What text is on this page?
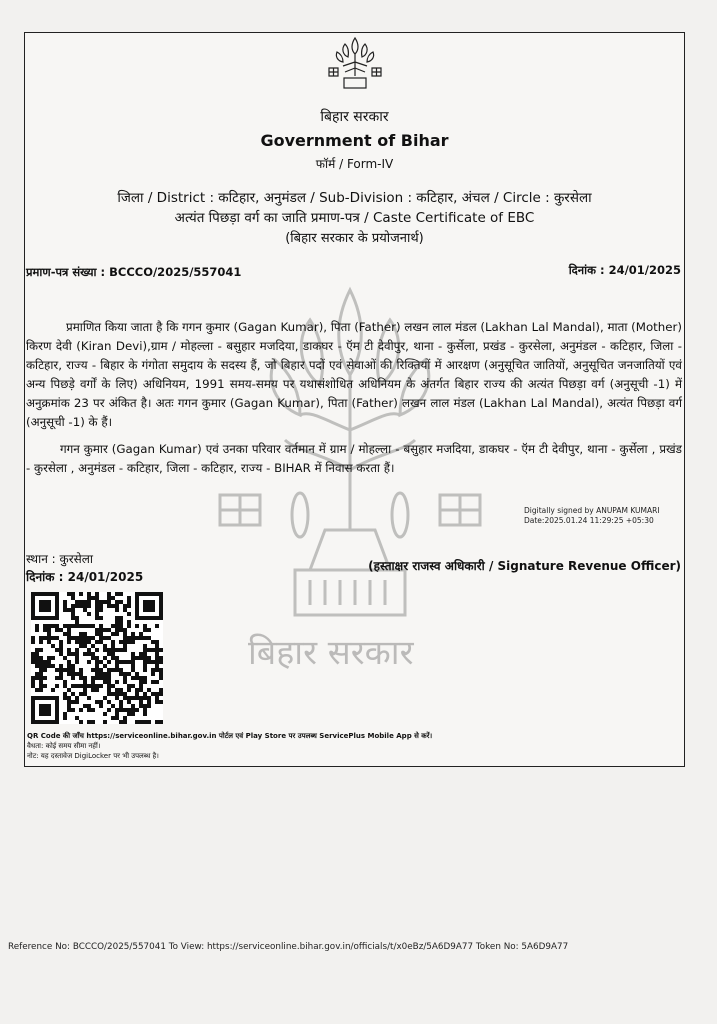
बिहार सरकार
बिहार सरकार
Government of Bihar
फॉर्म / Form-IV
जिला / District : कटिहार, अनुमंडल / Sub-Division : कटिहार, अंचल / Circle : कुरसेला
अत्यंत पिछड़ा वर्ग का जाति प्रमाण-पत्र / Caste Certificate of EBC
(बिहार सरकार के प्रयोजनार्थ)
प्रमाण-पत्र संख्या : BCCCO/2025/557041	दिनांक : 24/01/2025
प्रमाणित किया जाता है कि गगन कुमार (Gagan Kumar), पिता (Father) लखन लाल मंडल (Lakhan Lal Mandal), माता (Mother) किरण देवी (Kiran Devi),ग्राम / मोहल्ला - बसुहार मजदिया, डाकघर - ऍम टी देवीपुर, थाना - कुर्सेला, प्रखंड - कुरसेला, अनुमंडल - कटिहार, जिला - कटिहार, राज्य - बिहार के गंगोता समुदाय के सदस्य हैं, जो बिहार पदों एवं सेवाओं की रिक्तियों में आरक्षण (अनुसूचित जातियों, अनुसूचित जनजातियों एवं अन्य पिछड़े वर्गों के लिए) अधिनियम, 1991 समय-समय पर यथासंशोधित अधिनियम के अंतर्गत बिहार राज्य की अत्यंत पिछड़ा वर्ग (अनुसूची -1) में अनुक्रमांक 23 पर अंकित है। अतः गगन कुमार (Gagan Kumar), पिता (Father) लखन लाल मंडल (Lakhan Lal Mandal), अत्यंत पिछड़ा वर्ग (अनुसूची -1) के हैं।
गगन कुमार (Gagan Kumar) एवं उनका परिवार वर्तमान में ग्राम / मोहल्ला - बसुहार मजदिया, डाकघर - ऍम टी देवीपुर, थाना - कुर्सेला , प्रखंड - कुरसेला , अनुमंडल - कटिहार, जिला - कटिहार, राज्य - BIHAR में निवास करता हैं।
Digitally signed by ANUPAM KUMARI
Date:2025.01.24 11:29:25 +05:30
स्थान : कुरसेला
दिनांक : 24/01/2025
(हस्ताक्षर राजस्व अधिकारी / Signature Revenue Officer)
QR Code की जाँच https://serviceonline.bihar.gov.in पोर्टल एवं Play Store पर उपलब्ध ServicePlus Mobile App से करें।
वैधता: कोई समय सीमा नहीं।
नोट: यह दस्तावेज DigiLocker पर भी उपलब्ध है।
Reference No: BCCCO/2025/557041 To View: https://serviceonline.bihar.gov.in/officials/t/x0eBz/5A6D9A77 Token No: 5A6D9A77
